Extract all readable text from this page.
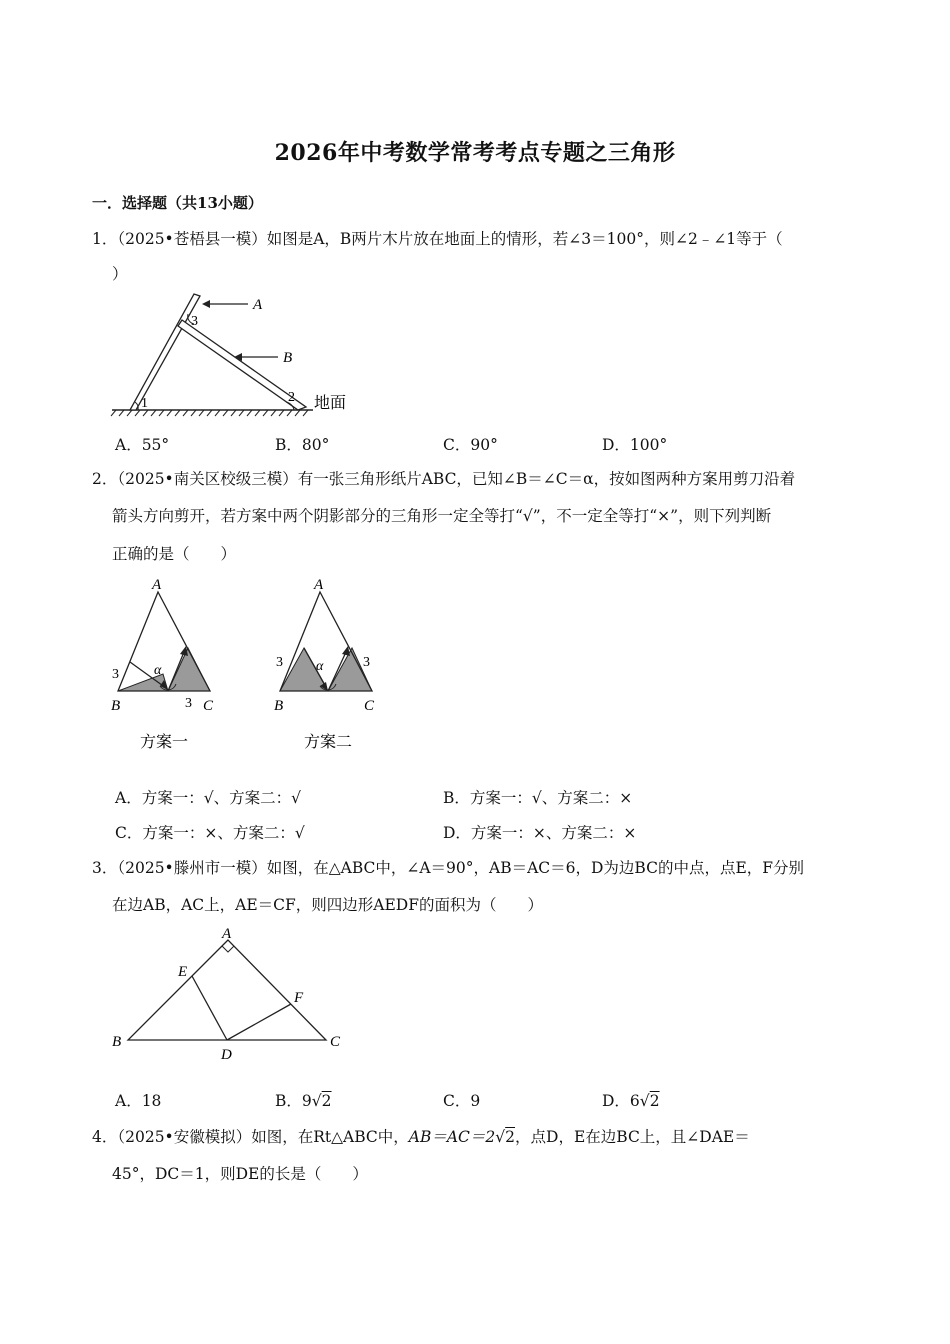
2026年中考数学常考考点专题之三角形
一．选择题（共13小题）
1．（2025•苍梧县一模）如图是A，B两片木片放在地面上的情形，若∠3＝100°，则∠2﹣∠1等于（
）
A
B
1	2
3
地面
A．55°	B．80°	C．90°	D．100°
2．（2025•南关区校级三模）有一张三角形纸片ABC，已知∠B＝∠C＝α，按如图两种方案用剪刀沿着
箭头方向剪开，若方案中两个阴影部分的三角形一定全等打“√”，不一定全等打“×”，则下列判断
正确的是（　　）
A
B	C
3
3
α
方案一
A
B	C
3	3
α
方案二
A．方案一：√、方案二：√	B．方案一：√、方案二：×
C．方案一：×、方案二：√	D．方案一：×、方案二：×
3．（2025•滕州市一模）如图，在△ABC中，∠A＝90°，AB＝AC＝6，D为边BC的中点，点E，F分别
在边AB，AC上，AE＝CF，则四边形AEDF的面积为（　　）
A
B	C
D
E
F
A．18	B．9√2	C．9	D．6√2
4．（2025•安徽模拟）如图，在Rt△ABC中，AB＝AC＝2√2，点D，E在边BC上，且∠DAE＝
45°，DC＝1，则DE的长是（　　）
